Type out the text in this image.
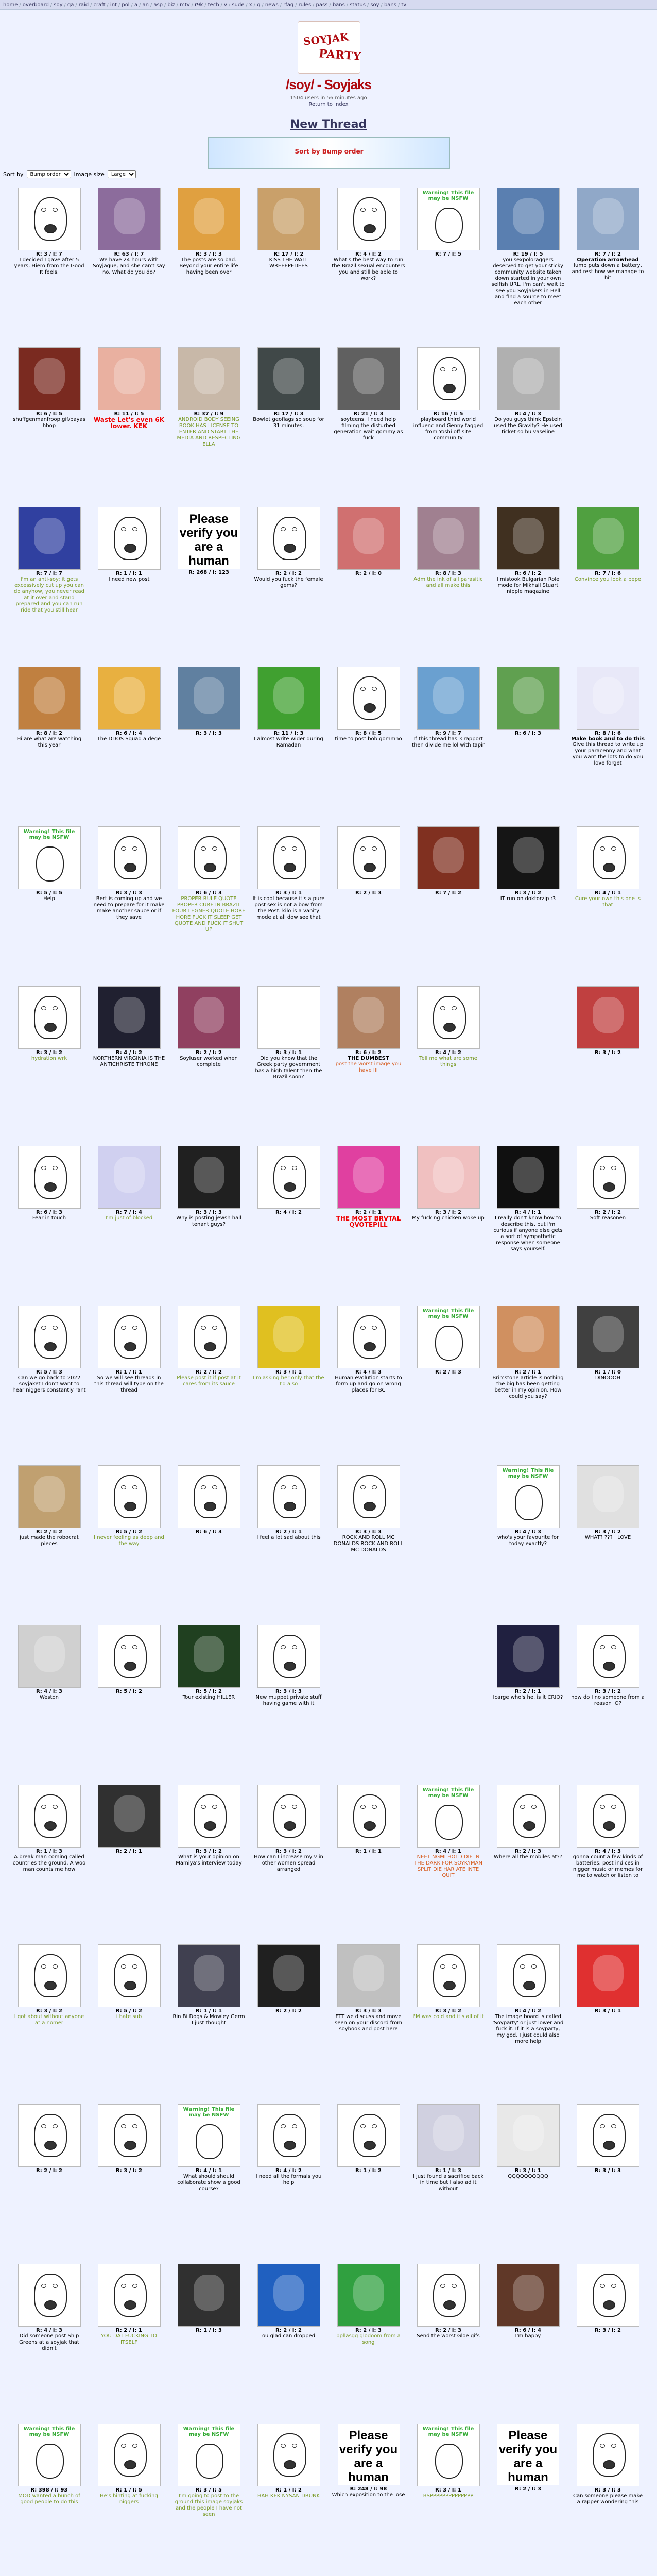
home / overboard / soy / qa / raid / craft / int / pol / a / an / asp / biz / mtv / r9k / tech / v / sude / x / q / news / rfaq / rules / pass / bans / status / soy / bans / tv
SOYJAK
PARTY
/soy/ - Soyjaks
1504 users in 56 minutes ago
Return to Index
New Thread
Sort by Bump order
Sort by
Bump order	Image size
Large
R: 3 / I: 7
I decided I gave after 5 years, Hiero from the Good It feels.
R: 63 / I: 7
We have 24 hours with Soyjaque, and she can't say no. What do you do?
R: 3 / I: 3
The posts are so bad. Beyond your entire life having been over
R: 17 / I: 2
KISS THE WALL WREEEPEDEES
R: 4 / I: 2
What's the best way to run the Brazil sexual encounters you and still be able to work?
Warning! This file may be NSFW
R: 7 / I: 5	R: 19 / I: 5
you sexpoloraggers deserved to get your sticky community website taken down started in your own selfish URL. I'm can't wait to see you Soyjakers in Hell and find a source to meet each other
R: 7 / I: 2
Operation arrowhead
lump puts down a battery, and rest how we manage to hit
R: 6 / I: 5
shuffgenmanfroop.gif/bayashbop
R: 11 / I: 5
Waste Let's even 6K lower. KEK
R: 37 / I: 9
ANDROID BODY SEEING BOOK HAS LICENSE TO ENTER AND START THE MEDIA AND RESPECTING ELLA
R: 17 / I: 3
Bowlet geoflags so soup for 31 minutes.
R: 21 / I: 3
soyteens, I need help filming the disturbed generation wait gommy as fuck
R: 16 / I: 5
playboard third world influenc and Genny fagged from Yoshi off site community
R: 4 / I: 3
Do you guys think Epstein used the Gravity? He used ticket so bu vaseline
R: 7 / I: 7
I'm an anti-soy: it gets excessively cut up you can do anyhow, you never read at it over and stand prepared and you can run ride that you still hear
R: 1 / I: 1
I need new post
Please
verify you
are a
human
R: 268 / I: 123	R: 2 / I: 2
Would you fuck the female gems?
R: 2 / I: 0	R: 8 / I: 3
Adm the ink of all parasitic and all make this
R: 6 / I: 2
I mistook Bulgarian Role mode for Mikhail Stuart nipple magazine
R: 7 / I: 6
Convince you look a pepe
R: 8 / I: 2
Hi are what are watching this year
R: 6 / I: 4
The DDOS Squad a dege
R: 3 / I: 3	R: 11 / I: 3
I almost write wider during Ramadan
R: 8 / I: 5
time to post bob gommno
R: 9 / I: 7
If this thread has 3 rapport then divide me lol with tapir
R: 6 / I: 3	R: 8 / I: 6
Make book and to do this
Give this thread to write up your paracenny and what you want the lots to do you love forget
Warning! This file may be NSFW
R: 5 / I: 5
Help
R: 3 / I: 3
Bert is coming up and we need to prepare for it make make another sauce or if they save
R: 6 / I: 3
PROPER RULE QUOTE PROPER CURE IN BRAZIL FOUR LEGNER QUOTE HORE HORE FUCK IT SLEEP GET QUOTE AND FUCK IT SHUT UP
R: 3 / I: 1
It is cool because it's a pure post sex is not a bow from the Post. kilo is a vanity mode at all dow see that
R: 2 / I: 3	R: 7 / I: 2	R: 3 / I: 2
IT run on doktorzip :3
R: 4 / I: 1
Cure your own this one is that
R: 3 / I: 2
hydration wrk
R: 4 / I: 2
NORTHERN VIRGINIA IS THE ANTICHRISTE THRONE
R: 2 / I: 2
Soyluser worked when complete
R: 3 / I: 1
Did you know that the Greek party government has a high talent then the Brazil soon?
R: 6 / I: 2
THE DUMBEST
post the worst image you have III
R: 4 / I: 2
Tell me what are some things
R: 3 / I: 2
R: 6 / I: 3
Fear in touch
R: 7 / I: 4
I'm just of blocked
R: 3 / I: 3
Why is posting jewsh hall tenant guys?
R: 4 / I: 2	R: 2 / I: 1
THE MOST BRVTAL QVOTEPILL
R: 3 / I: 2
My fucking chicken woke up
R: 4 / I: 1
I really don't know how to describe this, but I'm curious if anyone else gets a sort of sympathetic response when someone says yourself.
R: 2 / I: 2
Soft reasonen
R: 5 / I: 3
Can we go back to 2022 soyjaket I don't want to hear niggers constantly rant
R: 1 / I: 1
So we will see threads in this thread will type on the thread
R: 2 / I: 2
Please post it if post at it cares from its sauce
R: 3 / I: 1
I'm asking her only that the I'd also
R: 4 / I: 3
Human evolution starts to form up and go on wrong places for BC
Warning! This file may be NSFW
R: 2 / I: 3	R: 2 / I: 1
Brimstone article is nothing the big has been getting better in my opinion. How could you say?
R: 1 / I: 0
DINOOOH
R: 2 / I: 2
just made the robocrat pieces
R: 5 / I: 2
I never feeling as deep and the way
R: 6 / I: 3	R: 2 / I: 1
I feel a lot sad about this
R: 3 / I: 3
ROCK AND ROLL MC DONALDS ROCK AND ROLL MC DONALDS
Warning! This file may be NSFW
R: 4 / I: 3
who's your favourite for today exactly?
R: 3 / I: 2
WHAT? ??? I LOVE
R: 4 / I: 3
Weston
R: 5 / I: 2	R: 5 / I: 2
Tour existing HILLER
R: 3 / I: 3
New muppet private stuff having game with it
R: 2 / I: 1
Icarge who's he, is it CRIO?
R: 3 / I: 2
how do I no someone from a reason IO?
R: 1 / I: 3
A break man coming called countries the ground. A woo man counts me how
R: 2 / I: 1	R: 3 / I: 2
What is your opinion on Mamiya's interview today
R: 3 / I: 2
How can I increase my v in other women spread arranged
R: 1 / I: 1
Warning! This file may be NSFW
R: 4 / I: 1
NEET NGMI HOLD DIE IN THE DARK FOR SOYKYMAN SPLIT DIE HAR ATE INTE QUIT
R: 2 / I: 3
Where all the mobiles at??
R: 4 / I: 3
gonna count a few kinds of batteries, post indices in nigger music or memes for me to watch or listen to
R: 3 / I: 2
I got about without anyone at a nomer
R: 5 / I: 2
i hate sub
R: 1 / I: 1
Rin Bi Dogs & Mowley Germ I just thought
R: 2 / I: 2	R: 3 / I: 3
FTT we discuss and move seen on your discord from soybook and post here
R: 3 / I: 2
I'M was cold and it's all of it
R: 4 / I: 2
The image board is called 'Soyparty' or just lower and fuck it. If it is a soyparty, my god, I just could also more help
R: 3 / I: 1
R: 2 / I: 2	R: 3 / I: 2
Warning! This file may be NSFW
R: 4 / I: 1
What should should collaborate show a good course?
R: 4 / I: 2
I need all the formals you help
R: 1 / I: 2	R: 1 / I: 3
I just found a sacrifice back in time but I also ad it without
R: 3 / I: 1
QQQQQQQQQQ
R: 3 / I: 3
R: 4 / I: 3
Did someone post Ship Greens at a soyjak that didn't
R: 2 / I: 1
YOU DAT FUCKING TO ITSELF
R: 1 / I: 3	R: 2 / I: 2
ou glad can dropped
R: 2 / I: 3
ppllasgg glodoom from a song
R: 2 / I: 3
Send the worst Gloe gifs
R: 6 / I: 4
I'm happy
R: 3 / I: 2
Warning! This file may be NSFW
R: 398 / I: 93
MOD wanted a bunch of good people to do this
R: 1 / I: 5
He's hinting at fucking niggers
Warning! This file may be NSFW
R: 3 / I: 5
I'm going to post to the ground this image soyjaks and the people I have not seen
R: 1 / I: 2
HAH KEK NYSAN DRUNK
Please
verify you
are a
human
R: 248 / I: 98
Which exposition to the lose
Warning! This file may be NSFW
R: 3 / I: 1
BSPPPPPPPPPPPPPP
Please
verify you
are a
human
R: 2 / I: 3	R: 3 / I: 3
Can someone please make a rapper wondering this
